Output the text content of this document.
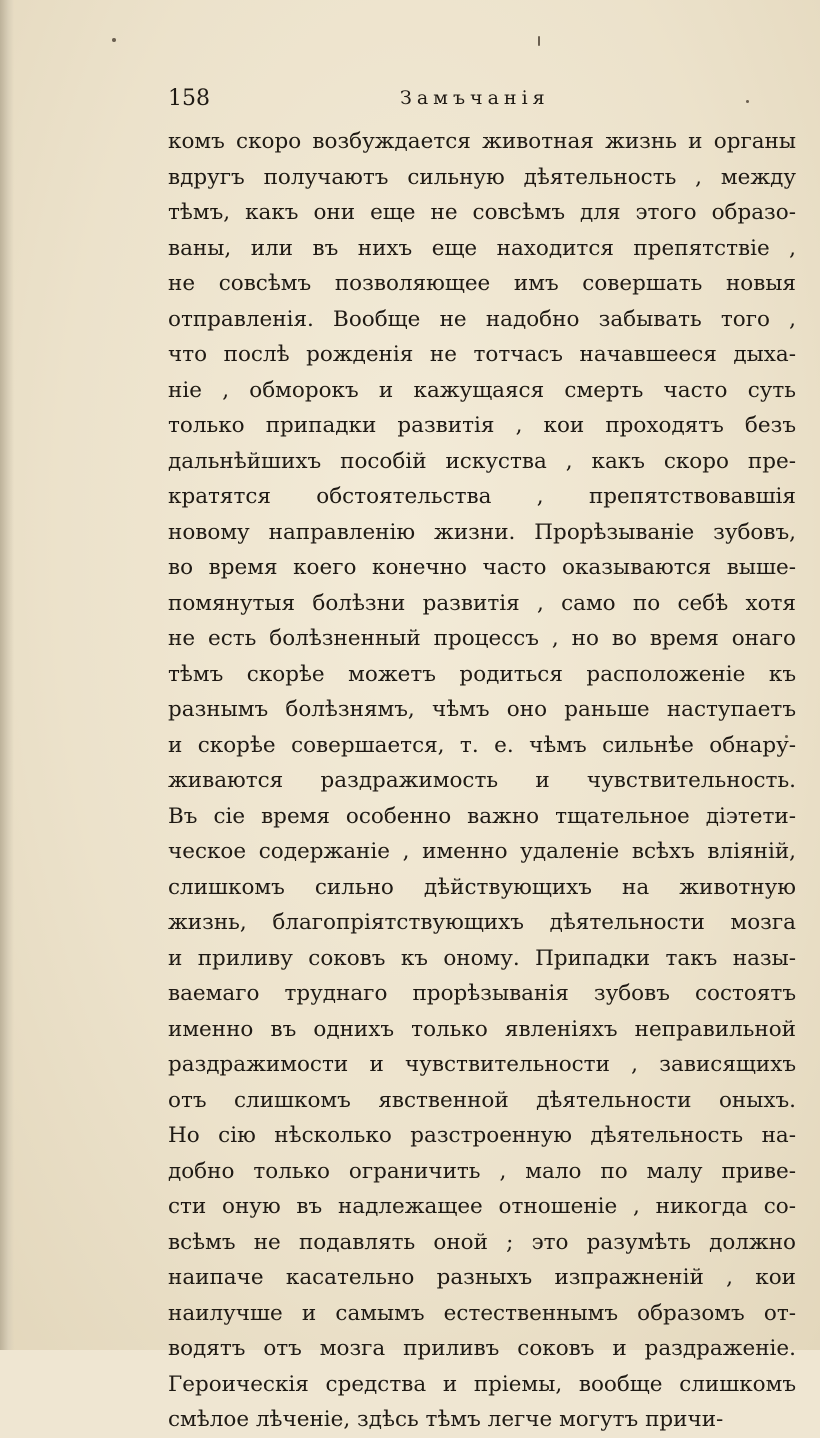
158	Замъчанія
комъ скоро возбуждается животная жизнь и органы
вдругъ получаютъ сильную дѣятельность , между
тѣмъ, какъ они еще не совсѣмъ для этого образо-
ваны, или въ нихъ еще находится препятствіе ,
не совсѣмъ позволяющее имъ совершать новыя
отправленія. Вообще не надобно забывать того ,
что послѣ рожденія не тотчасъ начавшееся дыха-
ніе , обморокъ и кажущаяся смерть часто суть
только припадки развитія , кои проходятъ безъ
дальнѣйшихъ пособій искуства , какъ скоро пре-
кратятся обстоятельства , препятствовавшія
новому направленію жизни. Прорѣзываніе зубовъ,
во время коего конечно часто оказываются выше-
помянутыя болѣзни развитія , само по себѣ хотя
не есть болѣзненный процессъ , но во время онаго
тѣмъ скорѣе можетъ родиться расположеніе къ
разнымъ болѣзнямъ, чѣмъ оно раньше наступаетъ
и скорѣе совершается, т. е. чѣмъ сильнѣе обнару-
живаются раздражимость и чувствительность.
Въ сіе время особенно важно тщательное діэтети-
ческое содержаніе , именно удаленіе всѣхъ вліяній,
слишкомъ сильно дѣйствующихъ на животную
жизнь, благопріятствующихъ дѣятельности мозга
и приливу соковъ къ оному. Припадки такъ назы-
ваемаго труднаго прорѣзыванія зубовъ состоятъ
именно въ однихъ только явленіяхъ неправильной
раздражимости и чувствительности , зависящихъ
отъ слишкомъ явственной дѣятельности оныхъ.
Но сію нѣсколько разстроенную дѣятельность на-
добно только ограничить , мало по малу приве-
сти оную въ надлежащее отношеніе , никогда со-
всѣмъ не подавлять оной ; это разумѣть должно
наипаче касательно разныхъ изпражненій , кои
наилучше и самымъ естественнымъ образомъ от-
водятъ отъ мозга приливъ соковъ и раздраженіе.
Героическія средства и пріемы, вообще слишкомъ
смѣлое лѣченіе, здѣсь тѣмъ легче могутъ причи-
